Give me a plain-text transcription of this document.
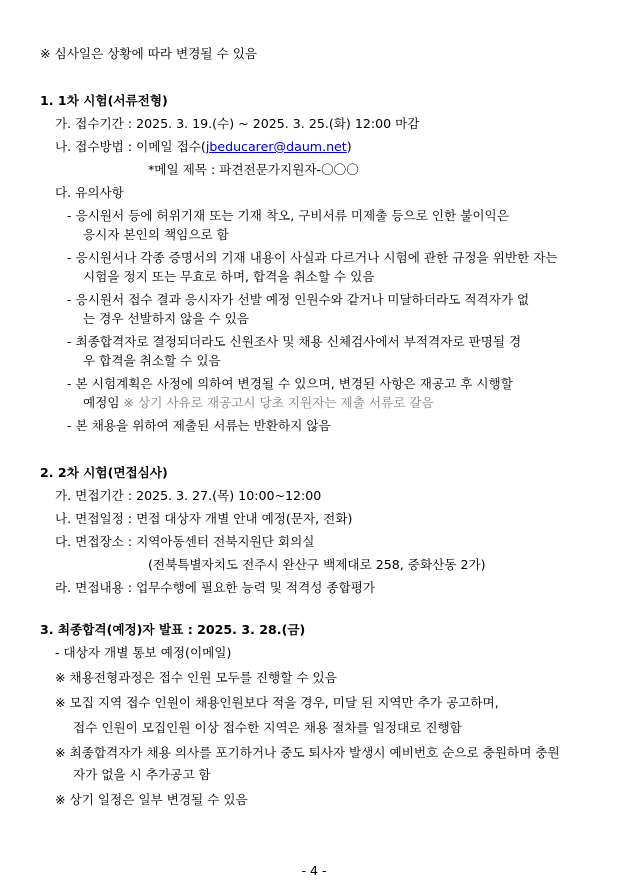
※ 심사일은 상황에 따라 변경될 수 있음
1. 1차 시험(서류전형)
가. 접수기간 : 2025. 3. 19.(수) ~ 2025. 3. 25.(화) 12:00 마감
나. 접수방법 : 이메일 접수(jbeducarer@daum.net)
*메일 제목 : 파견전문가지원자-〇〇〇
다. 유의사항
- 응시원서 등에 허위기재 또는 기재 착오, 구비서류 미제출 등으로 인한 불이익은
응시자 본인의 책임으로 함
- 응시원서나 각종 증명서의 기재 내용이 사실과 다르거나 시험에 관한 규정을 위반한 자는
시험을 정지 또는 무효로 하며, 합격을 취소할 수 있음
- 응시원서 접수 결과 응시자가 선발 예정 인원수와 같거나 미달하더라도 적격자가 없
는 경우 선발하지 않을 수 있음
- 최종합격자로 결정되더라도 신원조사 및 채용 신체검사에서 부적격자로 판명될 경
우 합격을 취소할 수 있음
- 본 시험계획은 사정에 의하여 변경될 수 있으며, 변경된 사항은 재공고 후 시행할
예정임 ※ 상기 사유로 재공고시 당초 지원자는 제출 서류로 갈음
- 본 채용을 위하여 제출된 서류는 반환하지 않음
2. 2차 시험(면접심사)
가. 면접기간 : 2025. 3. 27.(목) 10:00~12:00
나. 면접일정 : 면접 대상자 개별 안내 예정(문자, 전화)
다. 면접장소 : 지역아동센터 전북지원단 회의실
(전북특별자치도 전주시 완산구 백제대로 258, 중화산동 2가)
라. 면접내용 : 업무수행에 필요한 능력 및 적격성 종합평가
3. 최종합격(예정)자 발표 : 2025. 3. 28.(금)
- 대상자 개별 통보 예정(이메일)
※ 채용전형과정은 접수 인원 모두를 진행할 수 있음
※ 모집 지역 접수 인원이 채용인원보다 적을 경우, 미달 된 지역만 추가 공고하며,
접수 인원이 모집인원 이상 접수한 지역은 채용 절차를 일정대로 진행함
※ 최종합격자가 채용 의사를 포기하거나 중도 퇴사자 발생시 예비번호 순으로 충원하며 충원
자가 없을 시 추가공고 함
※ 상기 일정은 일부 변경될 수 있음
- 4 -
